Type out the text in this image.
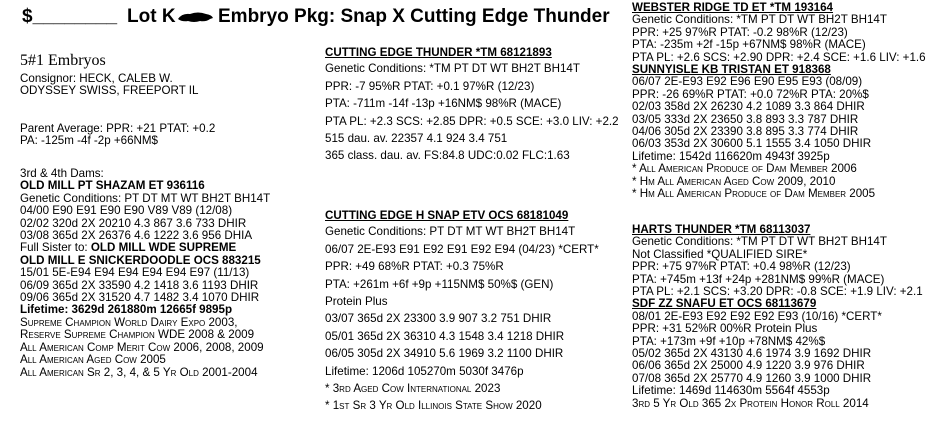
$________ Lot K Embryo Pkg: Snap X Cutting Edge Thunder
5#1 Embryos
Consignor: HECK, CALEB W.
ODYSSEY SWISS, FREEPORT IL
Parent Average: PPR: +21 PTAT: +0.2
PA: -125m -4f -2p +66NM$
3rd & 4th Dams:
OLD MILL PT SHAZAM ET 936116
Genetic Conditions: PT DT MT WT BH2T BH14T
04/00 E90 E91 E90 E90 V89 V89 (12/08)
02/02 320d 2X 20210 4.3 867 3.6 733 DHIR
03/08 365d 2X 26376 4.6 1222 3.6 956 DHIA
Full Sister to: OLD MILL WDE SUPREME
OLD MILL E SNICKERDOODLE OCS 883215
15/01 5E-E94 E94 E94 E94 E94 E97 (11/13)
06/09 365d 2X 33590 4.2 1418 3.6 1193 DHIR
09/06 365d 2X 31520 4.7 1482 3.4 1070 DHIR
Lifetime: 3629d 261880m 12665f 9895p
Supreme Champion World Dairy Expo 2003,
Reserve Supreme Champion WDE 2008 & 2009
All American Comp Merit Cow 2006, 2008, 2009
All American Aged Cow 2005
All American Sr 2, 3, 4, & 5 Yr Old 2001-2004
CUTTING EDGE THUNDER *TM 68121893
Genetic Conditions: *TM PT DT WT BH2T BH14T
PPR: -7 95%R PTAT: +0.1 97%R (12/23)
PTA: -711m -14f -13p +16NM$ 98%R (MACE)
PTA PL: +2.3 SCS: +2.85 DPR: +0.5 SCE: +3.0 LIV: +2.2
515 dau. av. 22357 4.1 924 3.4 751
365 class. dau. av. FS:84.8 UDC:0.02 FLC:1.63
CUTTING EDGE H SNAP ETV OCS 68181049
Genetic Conditions: PT DT MT WT BH2T BH14T
06/07 2E-E93 E91 E92 E91 E92 E94 (04/23) *CERT*
PPR: +49 68%R PTAT: +0.3 75%R
PTA: +261m +6f +9p +115NM$ 50%$ (GEN)
Protein Plus
03/07 365d 2X 23300 3.9 907 3.2 751 DHIR
05/01 365d 2X 36310 4.3 1548 3.4 1218 DHIR
06/05 305d 2X 34910 5.6 1969 3.2 1100 DHIR
Lifetime: 1206d 105270m 5030f 3476p
* 3rd Aged Cow International 2023
* 1st Sr 3 Yr Old Illinois State Show 2020
WEBSTER RIDGE TD ET *TM 193164
Genetic Conditions: *TM PT DT WT BH2T BH14T
PPR: +25 97%R PTAT: -0.2 98%R (12/23)
PTA: -235m +2f -15p +67NM$ 98%R (MACE)
PTA PL: +2.6 SCS: +2.90 DPR: +2.4 SCE: +1.6 LIV: +1.6
SUNNYISLE KB TRISTAN ET 918368
06/07 2E-E93 E92 E96 E90 E95 E93 (08/09)
PPR: -26 69%R PTAT: +0.0 72%R PTA: 20%$
02/03 358d 2X 26230 4.2 1089 3.3 864 DHIR
03/05 333d 2X 23650 3.8 893 3.3 787 DHIR
04/06 305d 2X 23390 3.8 895 3.3 774 DHIR
06/03 353d 2X 30600 5.1 1555 3.4 1050 DHIR
Lifetime: 1542d 116620m 4943f 3925p
* All American Produce of Dam Member 2006
* Hm All American Aged Cow 2009, 2010
* Hm All American Produce of Dam Member 2005
HARTS THUNDER *TM 68113037
Genetic Conditions: *TM PT DT WT BH2T BH14T
Not Classified *QUALIFIED SIRE*
PPR: +75 97%R PTAT: +0.4 98%R (12/23)
PTA: +745m +13f +24p +281NM$ 99%R (MACE)
PTA PL: +2.1 SCS: +3.20 DPR: -0.8 SCE: +1.9 LIV: +2.1
SDF ZZ SNAFU ET OCS 68113679
08/01 2E-E93 E92 E92 E92 E93 (10/16) *CERT*
PPR: +31 52%R 00%R Protein Plus
PTA: +173m +9f +10p +78NM$ 42%$
05/02 365d 2X 43130 4.6 1974 3.9 1692 DHIR
06/06 365d 2X 25000 4.9 1220 3.9 976 DHIR
07/08 365d 2X 25770 4.9 1260 3.9 1000 DHIR
Lifetime: 1469d 114630m 5564f 4553p
3rd 5 Yr Old 365 2x Protein Honor Roll 2014
